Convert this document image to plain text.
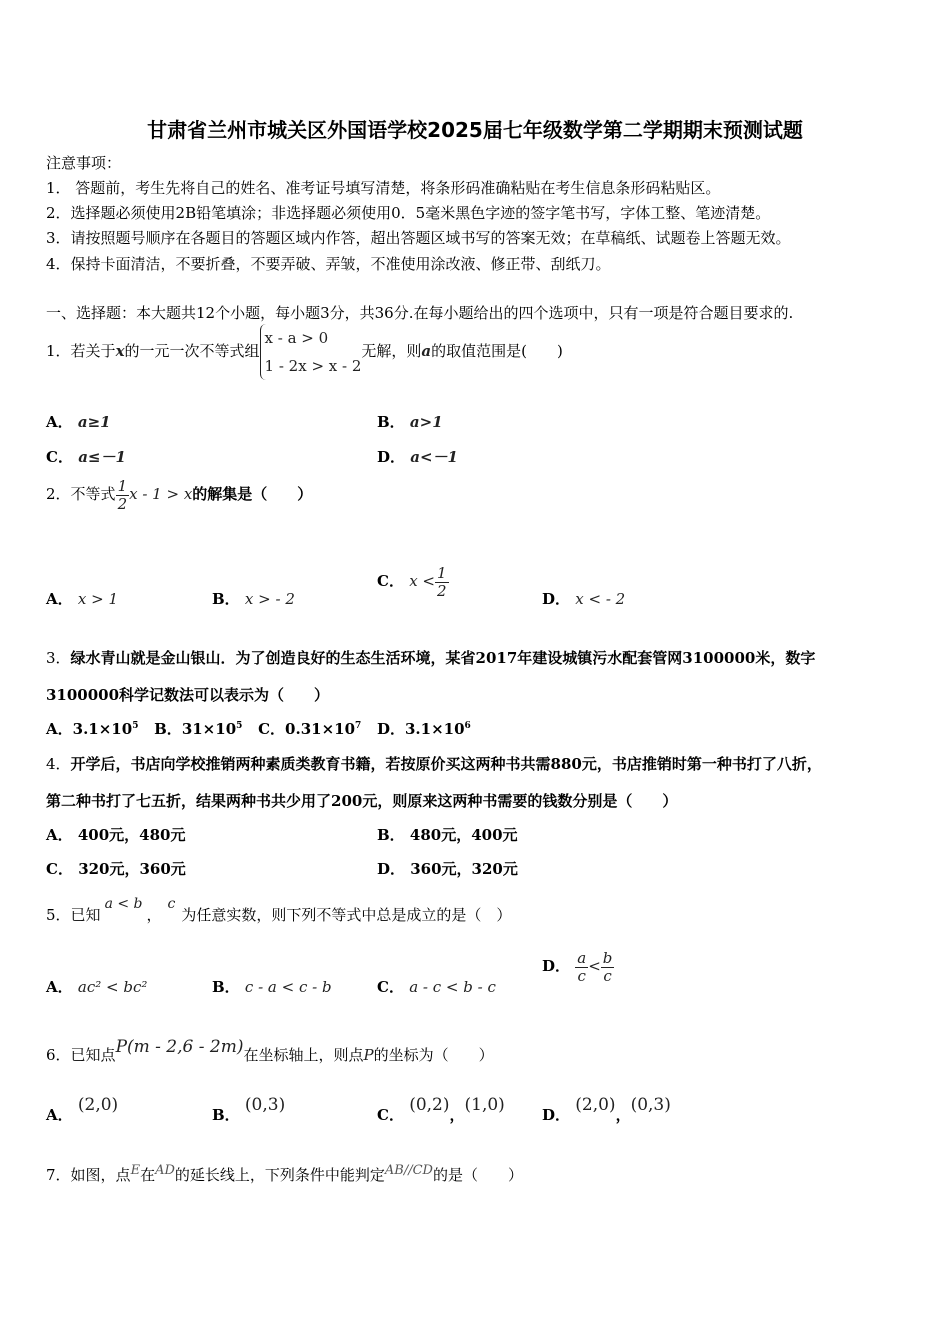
甘肃省兰州市城关区外国语学校2025届七年级数学第二学期期末预测试题
注意事项：
1． 答题前，考生先将自己的姓名、准考证号填写清楚，将条形码准确粘贴在考生信息条形码粘贴区。
2．选择题必须使用2B铅笔填涂；非选择题必须使用0．5毫米黑色字迹的签字笔书写，字体工整、笔迹清楚。
3．请按照题号顺序在各题目的答题区域内作答，超出答题区域书写的答案无效；在草稿纸、试题卷上答题无效。
4．保持卡面清洁，不要折叠，不要弄破、弄皱，不准使用涂改液、修正带、刮纸刀。
一、选择题：本大题共12个小题，每小题3分，共36分.在每小题给出的四个选项中，只有一项是符合题目要求的.
1．若关于x的一元一次不等式组
x - a > 0
1 - 2x > x - 2
无解，则a的取值范围是(　　)
A． a≥1	B． a>1
C． a≤－1	D． a<－1
2．不等式 $\frac{1}{2}$ x - 1 > x的解集是（　　）
A． x > 1	B． x > - 2
C． $x < \frac{1}{2}$	D． x < - 2
3．绿水青山就是金山银山．为了创造良好的生态生活环境，某省2017年建设城镇污水配套管网3100000米，数字
3100000科学记数法可以表示为（　　）
A．$3.1\times 10^5$ B．$31\times 10^5$ C．$0.31\times 10^7$ D．$3.1\times 10^6$
4．开学后，书店向学校推销两种素质类教育书籍，若按原价买这两种书共需880元，书店推销时第一种书打了八折，
第二种书打了七五折，结果两种书共少用了200元，则原来这两种书需要的钱数分别是（　　）
A． 400元，480元	B． 480元，400元
C． 320元，360元	D． 360元，320元
5．已知a < b，c为任意实数，则下列不等式中总是成立的是（　）
A． ac² < bc²	B． c - a < c - b	C． a - c < b - c
D． $\frac{a}{c} < \frac{b}{c}$
6．已知点P(m - 2,6 - 2m)在坐标轴上，则点P的坐标为（　　）
A． (2,0)	B． (0,3)	C． (0,2)，(1,0) D． (2,0)，(0,3)
7．如图，点E在AD的延长线上，下列条件中能判定AB//CD的是（　　）
